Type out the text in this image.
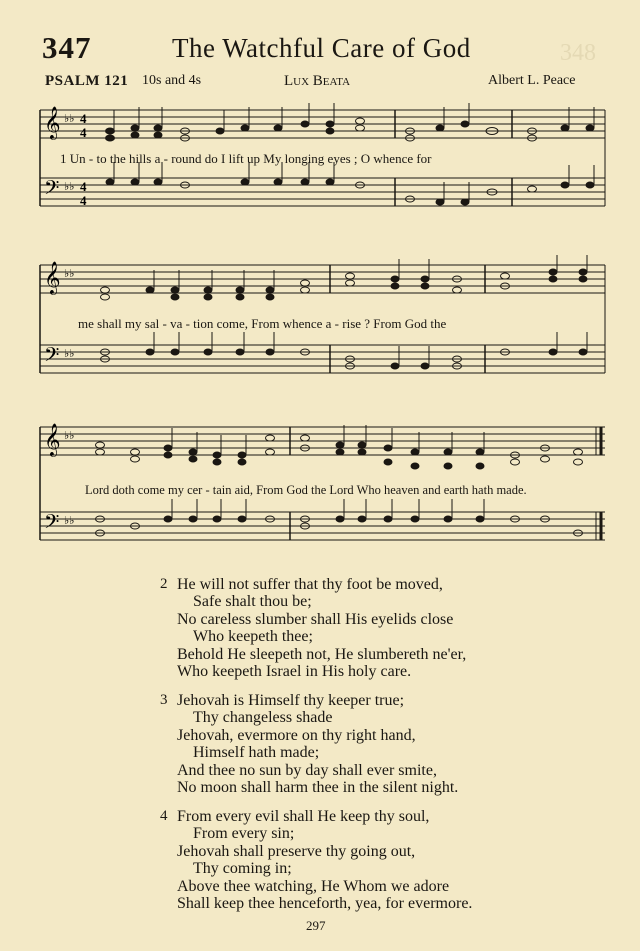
347	The Watchful Care of God	348
PSALM 121 10s and 4s	Lux Beata	Albert L. Peace
𝄞
𝄢
♭♭
♭♭
4
4
4
4
1 Un - to the hills a - round do I lift up My longing eyes ; O whence for
𝄞
𝄢
♭♭
♭♭
me shall my sal - va - tion come, From whence a - rise ? From God the
𝄞
𝄢
♭♭
♭♭
Lord doth come my cer - tain aid, From God the Lord Who heaven and earth hath made.
2 He will not suffer that thy foot be moved,
Safe shalt thou be;
No careless slumber shall His eyelids close
Who keepeth thee;
Behold He sleepeth not, He slumbereth ne'er,
Who keepeth Israel in His holy care.
3 Jehovah is Himself thy keeper true;
Thy changeless shade
Jehovah, evermore on thy right hand,
Himself hath made;
And thee no sun by day shall ever smite,
No moon shall harm thee in the silent night.
4 From every evil shall He keep thy soul,
From every sin;
Jehovah shall preserve thy going out,
Thy coming in;
Above thee watching, He Whom we adore
Shall keep thee henceforth, yea, for evermore.
297
